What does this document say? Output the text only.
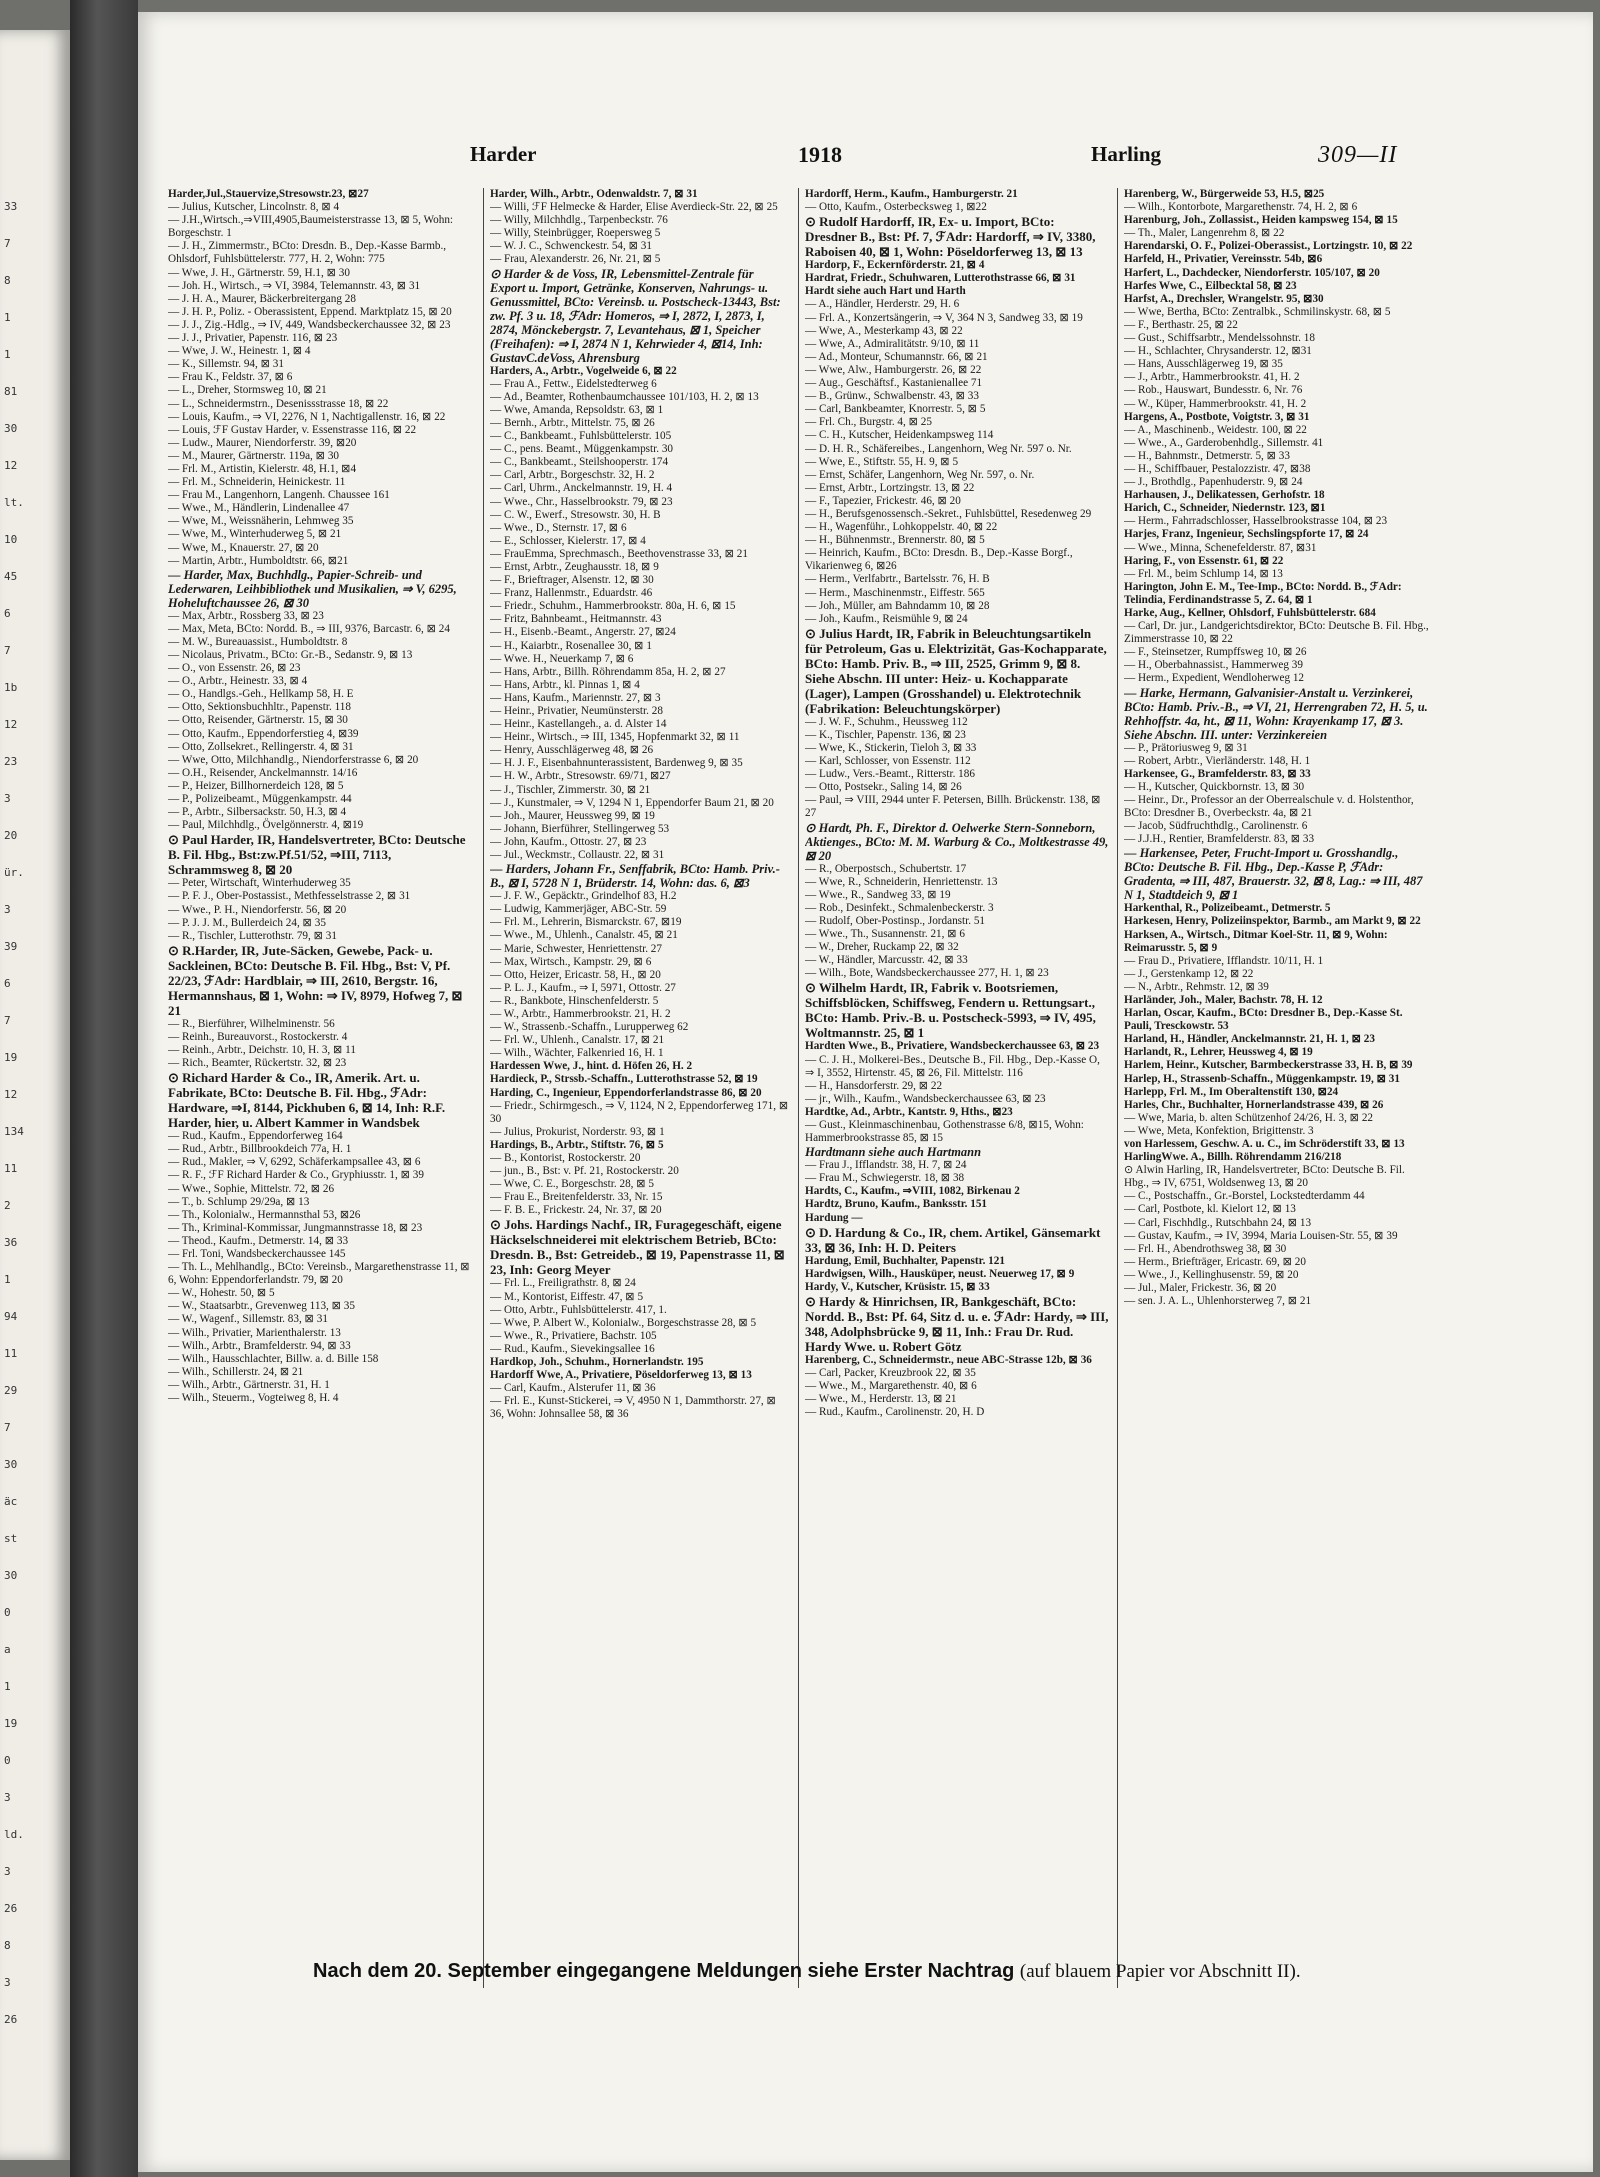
33
7
8
1
1
81
30
12
lt.
10
45
6
7
1b
12
23
3
20
ür.
3
39
6
7
19
12
134
11
2
36
1
94
11
29
7
30
äc
st
30
0
a
1
19
0
3
ld.
3
26
8
3
26
Harder	1918	Harling	309—II

Harder,Jul.,Stauervize,Stresowstr.23, ⊠27

— Julius, Kutscher, Lincolnstr. 8, ⊠ 4

— J.H.,Wirtsch.,⇒VIII,4905,Baumeisterstrasse 13, ⊠ 5, Wohn: Borgeschstr. 1

— J. H., Zimmermstr., BCto: Dresdn. B., Dep.-Kasse Barmb., Ohlsdorf, Fuhlsbüttelerstr. 777, H. 2, Wohn: 775

— Wwe, J. H., Gärtnerstr. 59, H.1, ⊠ 30

— Joh. H., Wirtsch., ⇒ VI, 3984, Telemannstr. 43, ⊠ 31

— J. H. A., Maurer, Bäckerbreitergang 28

— J. H. P., Poliz. - Oberassistent, Eppend. Marktplatz 15, ⊠ 20

— J. J., Zig.-Hdlg., ⇒ IV, 449, Wandsbeckerchaussee 32, ⊠ 23

— J. J., Privatier, Papenstr. 116, ⊠ 23

— Wwe, J. W., Heinestr. 1, ⊠ 4

— K., Sillemstr. 94, ⊠ 31

— Frau K., Feldstr. 37, ⊠ 6

— L., Dreher, Stormsweg 10, ⊠ 21

— L., Schneidermstrn., Desenissstrasse 18, ⊠ 22

— Louis, Kaufm., ⇒ VI, 2276, N 1, Nachtigallenstr. 16, ⊠ 22

— Louis, ℱF Gustav Harder, v. Essenstrasse 116, ⊠ 22

— Ludw., Maurer, Niendorferstr. 39, ⊠20

— M., Maurer, Gärtnerstr. 119a, ⊠ 30

— Frl. M., Artistin, Kielerstr. 48, H.1, ⊠4

— Frl. M., Schneiderin, Heinickestr. 11

— Frau M., Langenhorn, Langenh. Chaussee 161

— Wwe., M., Händlerin, Lindenallee 47

— Wwe, M., Weissnäherin, Lehmweg 35

— Wwe, M., Winterhuderweg 5, ⊠ 21

— Wwe, M., Knauerstr. 27, ⊠ 20

— Martin, Arbtr., Humboldtstr. 66, ⊠21

— Harder, Max, Buchhdlg., Papier-Schreib- und Lederwaren, Leihbibliothek und Musikalien, ⇒ V, 6295, Hoheluftchaussee 26, ⊠ 30

— Max, Arbtr., Rossberg 33, ⊠ 23

— Max, Meta, BCto: Nordd. B., ⇒ III, 9376, Barcastr. 6, ⊠ 24

— M. W., Bureauassist., Humboldtstr. 8

— Nicolaus, Privatm., BCto: Gr.-B., Sedanstr. 9, ⊠ 13

— O., von Essenstr. 26, ⊠ 23

— O., Arbtr., Heinestr. 33, ⊠ 4

— O., Handlgs.-Geh., Hellkamp 58, H. E

— Otto, Sektionsbuchhltr., Papenstr. 118

— Otto, Reisender, Gärtnerstr. 15, ⊠ 30

— Otto, Kaufm., Eppendorferstieg 4, ⊠39

— Otto, Zollsekret., Rellingerstr. 4, ⊠ 31

— Wwe, Otto, Milchhandlg., Niendorferstrasse 6, ⊠ 20

— O.H., Reisender, Anckelmannstr. 14/16

— P., Heizer, Billhornerdeich 128, ⊠ 5

— P., Polizeibeamt., Müggenkampstr. 44

— P., Arbtr., Silbersackstr. 50, H.3, ⊠ 4

— Paul, Milchhdlg., Övelgönnerstr. 4, ⊠19

⊙ Paul Harder, IR, Handelsvertreter, BCto: Deutsche B. Fil. Hbg., Bst:zw.Pf.51/52, ⇒III, 7113, Schrammsweg 8, ⊠ 20

— Peter, Wirtschaft, Winterhuderweg 35

— P. F. J., Ober-Postassist., Methfesselstrasse 2, ⊠ 31

— Wwe., P. H., Niendorferstr. 56, ⊠ 20

— P. J. J. M., Bullerdeich 24, ⊠ 35

— R., Tischler, Lutterothstr. 79, ⊠ 31

⊙ R.Harder, IR, Jute-Säcken, Gewebe, Pack- u. Sackleinen, BCto: Deutsche B. Fil. Hbg., Bst: V, Pf. 22/23, ℱAdr: Hardblair, ⇒ III, 2610, Bergstr. 16, Hermannshaus, ⊠ 1, Wohn: ⇒ IV, 8979, Hofweg 7, ⊠ 21

— R., Bierführer, Wilhelminenstr. 56

— Reinh., Bureauvorst., Rostockerstr. 4

— Reinh., Arbtr., Deichstr. 10, H. 3, ⊠ 11

— Rich., Beamter, Rückertstr. 32, ⊠ 23

⊙ Richard Harder & Co., IR, Amerik. Art. u. Fabrikate, BCto: Deutsche B. Fil. Hbg., ℱAdr: Hardware, ⇒I, 8144, Pickhuben 6, ⊠ 14, Inh: R.F. Harder, hier, u. Albert Kammer in Wandsbek

— Rud., Kaufm., Eppendorferweg 164

— Rud., Arbtr., Billbrookdeich 77a, H. 1

— Rud., Makler, ⇒ V, 6292, Schäferkampsallee 43, ⊠ 6

— R. F., ℱF Richard Harder & Co., Gryphiusstr. 1, ⊠ 39

— Wwe., Sophie, Mittelstr. 72, ⊠ 26

— T., b. Schlump 29/29a, ⊠ 13

— Th., Kolonialw., Hermannsthal 53, ⊠26

— Th., Kriminal-Kommissar, Jungmannstrasse 18, ⊠ 23

— Theod., Kaufm., Detmerstr. 14, ⊠ 33

— Frl. Toni, Wandsbeckerchaussee 145

— Th. L., Mehlhandlg., BCto: Vereinsb., Margarethenstrasse 11, ⊠ 6, Wohn: Eppendorferlandstr. 79, ⊠ 20

— W., Hohestr. 50, ⊠ 5

— W., Staatsarbtr., Grevenweg 113, ⊠ 35

— W., Wagenf., Sillemstr. 83, ⊠ 31

— Wilh., Privatier, Marienthalerstr. 13

— Wilh., Arbtr., Bramfelderstr. 94, ⊠ 33

— Wilh., Hausschlachter, Billw. a. d. Bille 158

— Wilh., Schillerstr. 24, ⊠ 21

— Wilh., Arbtr., Gärtnerstr. 31, H. 1

— Wilh., Steuerm., Vogteiweg 8, H. 4

Harder, Wilh., Arbtr., Odenwaldstr. 7, ⊠ 31

— Willi, ℱF Helmecke & Harder, Elise Averdieck-Str. 22, ⊠ 25

— Willy, Milchhdlg., Tarpenbeckstr. 76

— Willy, Steinbrügger, Roepersweg 5

— W. J. C., Schwenckestr. 54, ⊠ 31

— Frau, Alexanderstr. 26, Nr. 21, ⊠ 5

⊙ Harder & de Voss, IR, Lebensmittel-Zentrale für Export u. Import, Getränke, Konserven, Nahrungs- u. Genussmittel, BCto: Vereinsb. u. Postscheck-13443, Bst: zw. Pf. 3 u. 18, ℱAdr: Homeros, ⇒ I, 2872, I, 2873, I, 2874, Mönckebergstr. 7, Levantehaus, ⊠ 1, Speicher (Freihafen): ⇒ I, 2874 N 1, Kehrwieder 4, ⊠14, Inh: GustavC.deVoss, Ahrensburg

Harders, A., Arbtr., Vogelweide 6, ⊠ 22

— Frau A., Fettw., Eidelstedterweg 6

— Ad., Beamter, Rothenbaumchaussee 101/103, H. 2, ⊠ 13

— Wwe, Amanda, Repsoldstr. 63, ⊠ 1

— Bernh., Arbtr., Mittelstr. 75, ⊠ 26

— C., Bankbeamt., Fuhlsbüttelerstr. 105

— C., pens. Beamt., Müggenkampstr. 30

— C., Bankbeamt., Steilshooperstr. 174

— Carl, Arbtr., Borgeschstr. 32, H. 2

— Carl, Uhrm., Anckelmannstr. 19, H. 4

— Wwe., Chr., Hasselbrookstr. 79, ⊠ 23

— C. W., Ewerf., Stresowstr. 30, H. B

— Wwe., D., Sternstr. 17, ⊠ 6

— E., Schlosser, Kielerstr. 17, ⊠ 4

— FrauEmma, Sprechmasch., Beethovenstrasse 33, ⊠ 21

— Ernst, Arbtr., Zeughausstr. 18, ⊠ 9

— F., Brieftrager, Alsenstr. 12, ⊠ 30

— Franz, Hallenmstr., Eduardstr. 46

— Friedr., Schuhm., Hammerbrookstr. 80a, H. 6, ⊠ 15

— Fritz, Bahnbeamt., Heitmannstr. 43

— H., Eisenb.-Beamt., Angerstr. 27, ⊠24

— H., Kaiarbtr., Rosenallee 30, ⊠ 1

— Wwe. H., Neuerkamp 7, ⊠ 6

— Hans, Arbtr., Billh. Röhrendamm 85a, H. 2, ⊠ 27

— Hans, Arbtr., kl. Pinnas 1, ⊠ 4

— Hans, Kaufm., Mariennstr. 27, ⊠ 3

— Heinr., Privatier, Neumünsterstr. 28

— Heinr., Kastellangeh., a. d. Alster 14

— Heinr., Wirtsch., ⇒ III, 1345, Hopfenmarkt 32, ⊠ 11

— Henry, Ausschlägerweg 48, ⊠ 26

— H. J. F., Eisenbahnunterassistent, Bardenweg 9, ⊠ 35

— H. W., Arbtr., Stresowstr. 69/71, ⊠27

— J., Tischler, Zimmerstr. 30, ⊠ 21

— J., Kunstmaler, ⇒ V, 1294 N 1, Eppendorfer Baum 21, ⊠ 20

— Joh., Maurer, Heussweg 99, ⊠ 19

— Johann, Bierführer, Stellingerweg 53

— John, Kaufm., Ottostr. 27, ⊠ 23

— Jul., Weckmstr., Collaustr. 22, ⊠ 31

— Harders, Johann Fr., Senffabrik, BCto: Hamb. Priv.-B., ⊠ I, 5728 N 1, Brüderstr. 14, Wohn: das. 6, ⊠3

— J. F. W., Gepäcktr., Grindelhof 83, H.2

— Ludwig, Kammerjäger, ABC-Str. 59

— Frl. M., Lehrerin, Bismarckstr. 67, ⊠19

— Wwe., M., Uhlenh., Canalstr. 45, ⊠ 21

— Marie, Schwester, Henriettenstr. 27

— Max, Wirtsch., Kampstr. 29, ⊠ 6

— Otto, Heizer, Ericastr. 58, H., ⊠ 20

— P. L. J., Kaufm., ⇒ I, 5971, Ottostr. 27

— R., Bankbote, Hinschenfelderstr. 5

— W., Arbtr., Hammerbrookstr. 21, H. 2

— W., Strassenb.-Schaffn., Lurupperweg 62

— Frl. W., Uhlenh., Canalstr. 17, ⊠ 21

— Wilh., Wächter, Falkenried 16, H. 1

Hardessen Wwe, J., hint. d. Höfen 26, H. 2

Hardieck, P., Strssb.-Schaffn., Lutterothstrasse 52, ⊠ 19

Harding, C., Ingenieur, Eppendorferlandstrasse 86, ⊠ 20

— Friedr., Schirmgesch., ⇒ V, 1124, N 2, Eppendorferweg 171, ⊠ 30

— Julius, Prokurist, Norderstr. 93, ⊠ 1

Hardings, B., Arbtr., Stiftstr. 76, ⊠ 5

— B., Kontorist, Rostockerstr. 20

— jun., B., Bst: v. Pf. 21, Rostockerstr. 20

— Wwe, C. E., Borgeschstr. 28, ⊠ 5

— Frau E., Breitenfelderstr. 33, Nr. 15

— F. B. E., Frickestr. 24, Nr. 37, ⊠ 20

⊙ Johs. Hardings Nachf., IR, Furagegeschäft, eigene Häckselschneiderei mit elektrischem Betrieb, BCto: Dresdn. B., Bst: Getreideb., ⊠ 19, Papenstrasse 11, ⊠ 23, Inh: Georg Meyer

— Frl. L., Freiligrathstr. 8, ⊠ 24

— M., Kontorist, Eiffestr. 47, ⊠ 5

— Otto, Arbtr., Fuhlsbüttelerstr. 417, 1.

— Wwe, P. Albert W., Kolonialw., Borgeschstrasse 28, ⊠ 5

— Wwe., R., Privatiere, Bachstr. 105

— Rud., Kaufm., Sievekingsallee 16

Hardkop, Joh., Schuhm., Hornerlandstr. 195

Hardorff Wwe, A., Privatiere, Pöseldorferweg 13, ⊠ 13

— Carl, Kaufm., Alsterufer 11, ⊠ 36

— Frl. E., Kunst-Stickerei, ⇒ V, 4950 N 1, Dammthorstr. 27, ⊠ 36, Wohn: Johnsallee 58, ⊠ 36

Hardorff, Herm., Kaufm., Hamburgerstr. 21

— Otto, Kaufm., Osterbecksweg 1, ⊠22

⊙ Rudolf Hardorff, IR, Ex- u. Import, BCto: Dresdner B., Bst: Pf. 7, ℱAdr: Hardorff, ⇒ IV, 3380, Raboisen 40, ⊠ 1, Wohn: Pöseldorferweg 13, ⊠ 13

Hardorp, F., Eckernförderstr. 21, ⊠ 4

Hardrat, Friedr., Schuhwaren, Lutterothstrasse 66, ⊠ 31

Hardt siehe auch Hart und Harth

— A., Händler, Herderstr. 29, H. 6

— Frl. A., Konzertsängerin, ⇒ V, 364 N 3, Sandweg 33, ⊠ 19

— Wwe, A., Mesterkamp 43, ⊠ 22

— Wwe, A., Admiralitätstr. 9/10, ⊠ 11

— Ad., Monteur, Schumannstr. 66, ⊠ 21

— Wwe, Alw., Hamburgerstr. 26, ⊠ 22

— Aug., Geschäftsf., Kastanienallee 71

— B., Grünw., Schwalbenstr. 43, ⊠ 33

— Carl, Bankbeamter, Knorrestr. 5, ⊠ 5

— Frl. Ch., Burgstr. 4, ⊠ 25

— C. H., Kutscher, Heidenkampsweg 114

— D. H. R., Schäfereibes., Langenhorn, Weg Nr. 597 o. Nr.

— Wwe, E., Stiftstr. 55, H. 9, ⊠ 5

— Ernst, Schäfer, Langenhorn, Weg Nr. 597, o. Nr.

— Ernst, Arbtr., Lortzingstr. 13, ⊠ 22

— F., Tapezier, Frickestr. 46, ⊠ 20

— H., Berufsgenossensch.-Sekret., Fuhlsbüttel, Resedenweg 29

— H., Wagenführ., Lohkoppelstr. 40, ⊠ 22

— H., Bühnenmstr., Brennerstr. 80, ⊠ 5

— Heinrich, Kaufm., BCto: Dresdn. B., Dep.-Kasse Borgf., Vikarienweg 6, ⊠26

— Herm., Verlfabrtr., Bartelsstr. 76, H. B

— Herm., Maschinenmstr., Eiffestr. 565

— Joh., Müller, am Bahndamm 10, ⊠ 28

— Joh., Kaufm., Reismühle 9, ⊠ 24

⊙ Julius Hardt, IR, Fabrik in Beleuchtungsartikeln für Petroleum, Gas u. Elektrizität, Gas-Kochapparate, BCto: Hamb. Priv. B., ⇒ III, 2525, Grimm 9, ⊠ 8. Siehe Abschn. III unter: Heiz- u. Kochapparate (Lager), Lampen (Grosshandel) u. Elektrotechnik (Fabrikation: Beleuchtungskörper)

— J. W. F., Schuhm., Heussweg 112

— K., Tischler, Papenstr. 136, ⊠ 23

— Wwe, K., Stickerin, Tieloh 3, ⊠ 33

— Karl, Schlosser, von Essenstr. 112

— Ludw., Vers.-Beamt., Ritterstr. 186

— Otto, Postsekr., Saling 14, ⊠ 26

— Paul, ⇒ VIII, 2944 unter F. Petersen, Billh. Brückenstr. 138, ⊠ 27

⊙ Hardt, Ph. F., Direktor d. Oelwerke Stern-Sonneborn, Aktienges., BCto: M. M. Warburg & Co., Moltkestrasse 49, ⊠ 20

— R., Oberpostsch., Schubertstr. 17

— Wwe, R., Schneiderin, Henriettenstr. 13

— Wwe., R., Sandweg 33, ⊠ 19

— Rob., Desinfekt., Schmalenbeckerstr. 3

— Rudolf, Ober-Postinsp., Jordanstr. 51

— Wwe., Th., Susannenstr. 21, ⊠ 6

— W., Dreher, Ruckamp 22, ⊠ 32

— W., Händler, Marcusstr. 42, ⊠ 33

— Wilh., Bote, Wandsbeckerchaussee 277, H. 1, ⊠ 23

⊙ Wilhelm Hardt, IR, Fabrik v. Bootsriemen, Schiffsblöcken, Schiffsweg, Fendern u. Rettungsart., BCto: Hamb. Priv.-B. u. Postscheck-5993, ⇒ IV, 495, Woltmannstr. 25, ⊠ 1

Hardten Wwe., B., Privatiere, Wandsbeckerchaussee 63, ⊠ 23

— C. J. H., Molkerei-Bes., Deutsche B., Fil. Hbg., Dep.-Kasse O, ⇒ I, 3552, Hirtenstr. 45, ⊠ 26, Fil. Mittelstr. 116

— H., Hansdorferstr. 29, ⊠ 22

— jr., Wilh., Kaufm., Wandsbeckerchaussee 63, ⊠ 23

Hardtke, Ad., Arbtr., Kantstr. 9, Hths., ⊠23

— Gust., Kleinmaschinenbau, Gothenstrasse 6/8, ⊠15, Wohn: Hammerbrookstrasse 85, ⊠ 15

Hardtmann siehe auch Hartmann

— Frau J., Ifflandstr. 38, H. 7, ⊠ 24

— Frau M., Schwiegerstr. 18, ⊠ 38

Hardts, C., Kaufm., ⇒VIII, 1082, Birkenau 2

Hardtz, Bruno, Kaufm., Banksstr. 151

Hardung —

⊙ D. Hardung & Co., IR, chem. Artikel, Gänsemarkt 33, ⊠ 36, Inh: H. D. Peiters

Hardung, Emil, Buchhalter, Papenstr. 121

Hardwigsen, Wilh., Hausküper, neust. Neuerweg 17, ⊠ 9

Hardy, V., Kutscher, Krüsistr. 15, ⊠ 33

⊙ Hardy & Hinrichsen, IR, Bankgeschäft, BCto: Nordd. B., Bst: Pf. 64, Sitz d. u. e. ℱAdr: Hardy, ⇒ III, 348, Adolphsbrücke 9, ⊠ 11, Inh.: Frau Dr. Rud. Hardy Wwe. u. Robert Götz

Harenberg, C., Schneidermstr., neue ABC-Strasse 12b, ⊠ 36

— Carl, Packer, Kreuzbrook 22, ⊠ 35

— Wwe., M., Margarethenstr. 40, ⊠ 6

— Wwe., M., Herderstr. 13, ⊠ 21

— Rud., Kaufm., Carolinenstr. 20, H. D

Harenberg, W., Bürgerweide 53, H.5, ⊠25

— Wilh., Kontorbote, Margarethenstr. 74, H. 2, ⊠ 6

Harenburg, Joh., Zollassist., Heiden kampsweg 154, ⊠ 15

— Th., Maler, Langenrehm 8, ⊠ 22

Harendarski, O. F., Polizei-Oberassist., Lortzingstr. 10, ⊠ 22

Harfeld, H., Privatier, Vereinsstr. 54b, ⊠6

Harfert, L., Dachdecker, Niendorferstr. 105/107, ⊠ 20

Harfes Wwe, C., Eilbecktal 58, ⊠ 23

Harfst, A., Drechsler, Wrangelstr. 95, ⊠30

— Wwe, Bertha, BCto: Zentralbk., Schmilinskystr. 68, ⊠ 5

— F., Berthastr. 25, ⊠ 22

— Gust., Schiffsarbtr., Mendelssohnstr. 18

— H., Schlachter, Chrysanderstr. 12, ⊠31

— Hans, Ausschlägerweg 19, ⊠ 35

— J., Arbtr., Hammerbrookstr. 41, H. 2

— Rob., Hauswart, Bundesstr. 6, Nr. 76

— W., Küper, Hammerbrookstr. 41, H. 2

Hargens, A., Postbote, Voigtstr. 3, ⊠ 31

— A., Maschinenb., Weidestr. 100, ⊠ 22

— Wwe., A., Garderobenhdlg., Sillemstr. 41

— H., Bahnmstr., Detmerstr. 5, ⊠ 33

— H., Schiffbauer, Pestalozzistr. 47, ⊠38

— J., Brothdlg., Papenhuderstr. 9, ⊠ 24

Harhausen, J., Delikatessen, Gerhofstr. 18

Harich, C., Schneider, Niedernstr. 123, ⊠1

— Herm., Fahrradschlosser, Hasselbrookstrasse 104, ⊠ 23

Harjes, Franz, Ingenieur, Sechslingspforte 17, ⊠ 24

— Wwe., Minna, Schenefelderstr. 87, ⊠31

Haring, F., von Essenstr. 61, ⊠ 22

— Frl. M., beim Schlump 14, ⊠ 13

Harington, John E. M., Tee-Imp., BCto: Nordd. B., ℱAdr: Telindia, Ferdinandstrasse 5, Z. 64, ⊠ 1

Harke, Aug., Kellner, Ohlsdorf, Fuhlsbüttelerstr. 684

— Carl, Dr. jur., Landgerichtsdirektor, BCto: Deutsche B. Fil. Hbg., Zimmerstrasse 10, ⊠ 22

— F., Steinsetzer, Rumpffsweg 10, ⊠ 26

— H., Oberbahnassist., Hammerweg 39

— Herm., Expedient, Wendloherweg 12

— Harke, Hermann, Galvanisier-Anstalt u. Verzinkerei, BCto: Hamb. Priv.-B., ⇒ VI, 21, Herrengraben 72, H. 5, u. Rehhoffstr. 4a, ht., ⊠ 11, Wohn: Krayenkamp 17, ⊠ 3. Siehe Abschn. III. unter: Verzinkereien

— P., Prätoriusweg 9, ⊠ 31

— Robert, Arbtr., Vierländerstr. 148, H. 1

Harkensee, G., Bramfelderstr. 83, ⊠ 33

— H., Kutscher, Quickbornstr. 13, ⊠ 30

— Heinr., Dr., Professor an der Oberrealschule v. d. Holstenthor, BCto: Dresdner B., Overbeckstr. 4a, ⊠ 21

— Jacob, Südfruchthdlg., Carolinenstr. 6

— J.J.H., Rentier, Bramfelderstr. 83, ⊠ 33

— Harkensee, Peter, Frucht-Import u. Grosshandlg., BCto: Deutsche B. Fil. Hbg., Dep.-Kasse P, ℱAdr: Gradenta, ⇒ III, 487, Brauerstr. 32, ⊠ 8, Lag.: ⇒ III, 487 N 1, Stadtdeich 9, ⊠ 1

Harkenthal, R., Polizeibeamt., Detmerstr. 5

Harkesen, Henry, Polizeiinspektor, Barmb., am Markt 9, ⊠ 22

Harksen, A., Wirtsch., Ditmar Koel-Str. 11, ⊠ 9, Wohn: Reimarusstr. 5, ⊠ 9

— Frau D., Privatiere, Ifflandstr. 10/11, H. 1

— J., Gerstenkamp 12, ⊠ 22

— N., Arbtr., Rehmstr. 12, ⊠ 39

Harländer, Joh., Maler, Bachstr. 78, H. 12

Harlan, Oscar, Kaufm., BCto: Dresdner B., Dep.-Kasse St. Pauli, Tresckowstr. 53

Harland, H., Händler, Anckelmannstr. 21, H. 1, ⊠ 23

Harlandt, R., Lehrer, Heussweg 4, ⊠ 19

Harlem, Heinr., Kutscher, Barmbeckerstrasse 33, H. B, ⊠ 39

Harlep, H., Strassenb-Schaffn., Müggenkampstr. 19, ⊠ 31

Harlepp, Frl. M., Im Oberaltenstift 130, ⊠24

Harles, Chr., Buchhalter, Hornerlandstrasse 439, ⊠ 26

— Wwe, Maria, b. alten Schützenhof 24/26, H. 3, ⊠ 22

— Wwe, Meta, Konfektion, Brigittenstr. 3

von Harlessem, Geschw. A. u. C., im Schröderstift 33, ⊠ 13

HarlingWwe. A., Billh. Röhrendamm 216/218

⊙ Alwin Harling, IR, Handelsvertreter, BCto: Deutsche B. Fil. Hbg., ⇒ IV, 6751, Woldsenweg 13, ⊠ 20

— C., Postschaffn., Gr.-Borstel, Lockstedterdamm 44

— Carl, Postbote, kl. Kielort 12, ⊠ 13

— Carl, Fischhdlg., Rutschbahn 24, ⊠ 13

— Gustav, Kaufm., ⇒ IV, 3994, Maria Louisen-Str. 55, ⊠ 39

— Frl. H., Abendrothsweg 38, ⊠ 30

— Herm., Briefträger, Ericastr. 69, ⊠ 20

— Wwe., J., Kellinghusenstr. 59, ⊠ 20

— Jul., Maler, Frickestr. 36, ⊠ 20

— sen. J. A. L., Uhlenhorsterweg 7, ⊠ 21

Nach dem 20. September eingegangene Meldungen siehe Erster Nachtrag (auf blauem Papier vor Abschnitt II).
